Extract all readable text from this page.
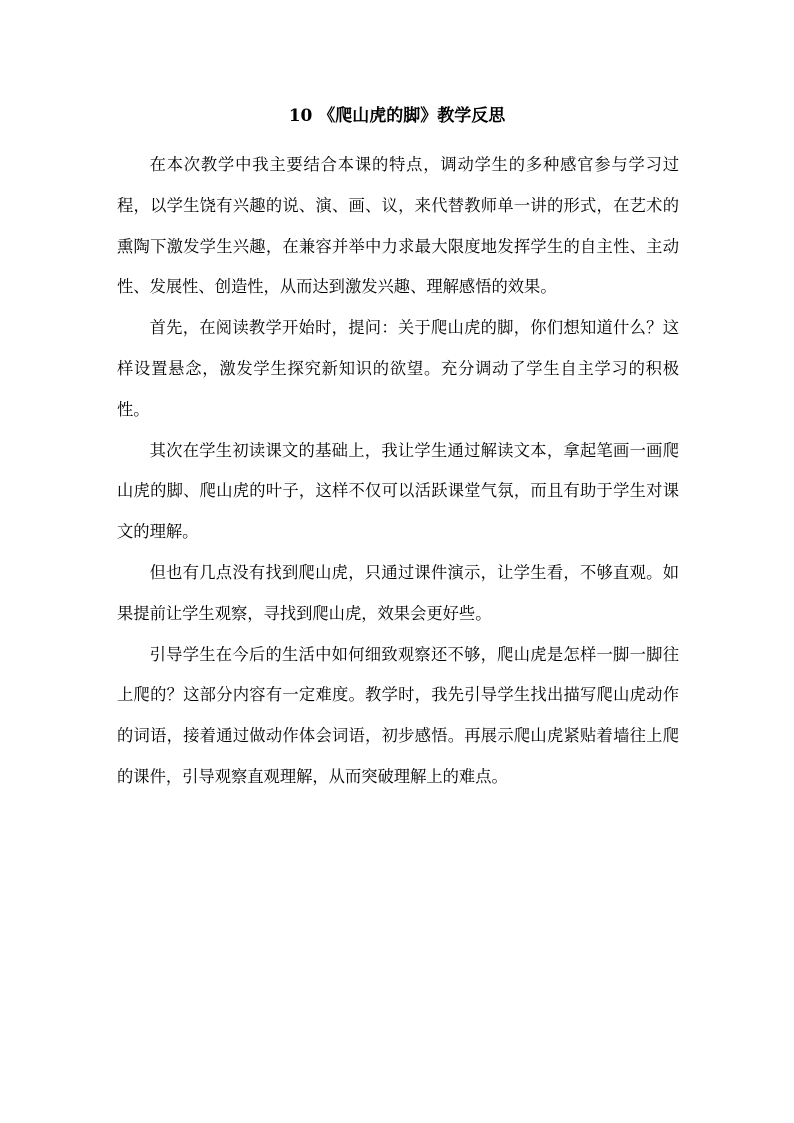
10 《爬山虎的脚》教学反思

在本次教学中我主要结合本课的特点，调动学生的多种感官参与学习过程，以学生饶有兴趣的说、演、画、议，来代替教师单一讲的形式，在艺术的熏陶下激发学生兴趣，在兼容并举中力求最大限度地发挥学生的自主性、主动性、发展性、创造性，从而达到激发兴趣、理解感悟的效果。

首先，在阅读教学开始时，提问：关于爬山虎的脚，你们想知道什么？这样设置悬念，激发学生探究新知识的欲望。充分调动了学生自主学习的积极性。

其次在学生初读课文的基础上，我让学生通过解读文本，拿起笔画一画爬山虎的脚、爬山虎的叶子，这样不仅可以活跃课堂气氛，而且有助于学生对课文的理解。

但也有几点没有找到爬山虎，只通过课件演示，让学生看，不够直观。如果提前让学生观察，寻找到爬山虎，效果会更好些。

引导学生在今后的生活中如何细致观察还不够，爬山虎是怎样一脚一脚往上爬的？这部分内容有一定难度。教学时，我先引导学生找出描写爬山虎动作的词语，接着通过做动作体会词语，初步感悟。再展示爬山虎紧贴着墙往上爬的课件，引导观察直观理解，从而突破理解上的难点。
